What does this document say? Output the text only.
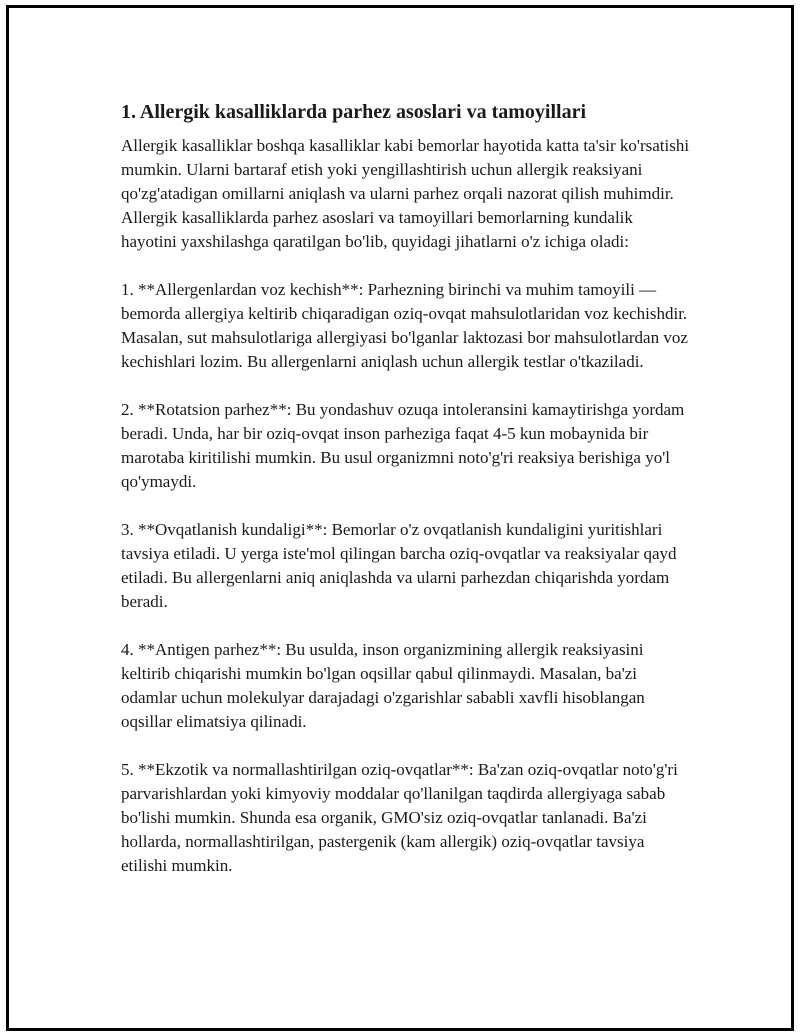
1. Allergik kasalliklarda parhez asoslari va tamoyillari

Allergik kasalliklar boshqa kasalliklar kabi bemorlar hayotida katta ta'sir ko'rsatishi mumkin. Ularni bartaraf etish yoki yengillashtirish uchun allergik reaksiyani qo'zg'atadigan omillarni aniqlash va ularni parhez orqali nazorat qilish muhimdir. Allergik kasalliklarda parhez asoslari va tamoyillari bemorlarning kundalik hayotini yaxshilashga qaratilgan bo'lib, quyidagi jihatlarni o'z ichiga oladi:

1. **Allergenlardan voz kechish**: Parhezning birinchi va muhim tamoyili — bemorda allergiya keltirib chiqaradigan oziq-ovqat mahsulotlaridan voz kechishdir. Masalan, sut mahsulotlariga allergiyasi bo'lganlar laktozasi bor mahsulotlardan voz kechishlari lozim. Bu allergenlarni aniqlash uchun allergik testlar o'tkaziladi.

2. **Rotatsion parhez**: Bu yondashuv ozuqa intoleransini kamaytirishga yordam beradi. Unda, har bir oziq-ovqat inson parheziga faqat 4-5 kun mobaynida bir marotaba kiritilishi mumkin. Bu usul organizmni noto'g'ri reaksiya berishiga yo'l qo'ymaydi.

3. **Ovqatlanish kundaligi**: Bemorlar o'z ovqatlanish kundaligini yuritishlari tavsiya etiladi. U yerga iste'mol qilingan barcha oziq-ovqatlar va reaksiyalar qayd etiladi. Bu allergenlarni aniq aniqlashda va ularni parhezdan chiqarishda yordam beradi.

4. **Antigen parhez**: Bu usulda, inson organizmining allergik reaksiyasini keltirib chiqarishi mumkin bo'lgan oqsillar qabul qilinmaydi. Masalan, ba'zi odamlar uchun molekulyar darajadagi o'zgarishlar sababli xavfli hisoblangan oqsillar elimatsiya qilinadi.

5. **Ekzotik va normallashtirilgan oziq-ovqatlar**: Ba'zan oziq-ovqatlar noto'g'ri parvarishlardan yoki kimyoviy moddalar qo'llanilgan taqdirda allergiyaga sabab bo'lishi mumkin. Shunda esa organik, GMO'siz oziq-ovqatlar tanlanadi. Ba'zi hollarda, normallashtirilgan, pastergenik (kam allergik) oziq-ovqatlar tavsiya etilishi mumkin.
